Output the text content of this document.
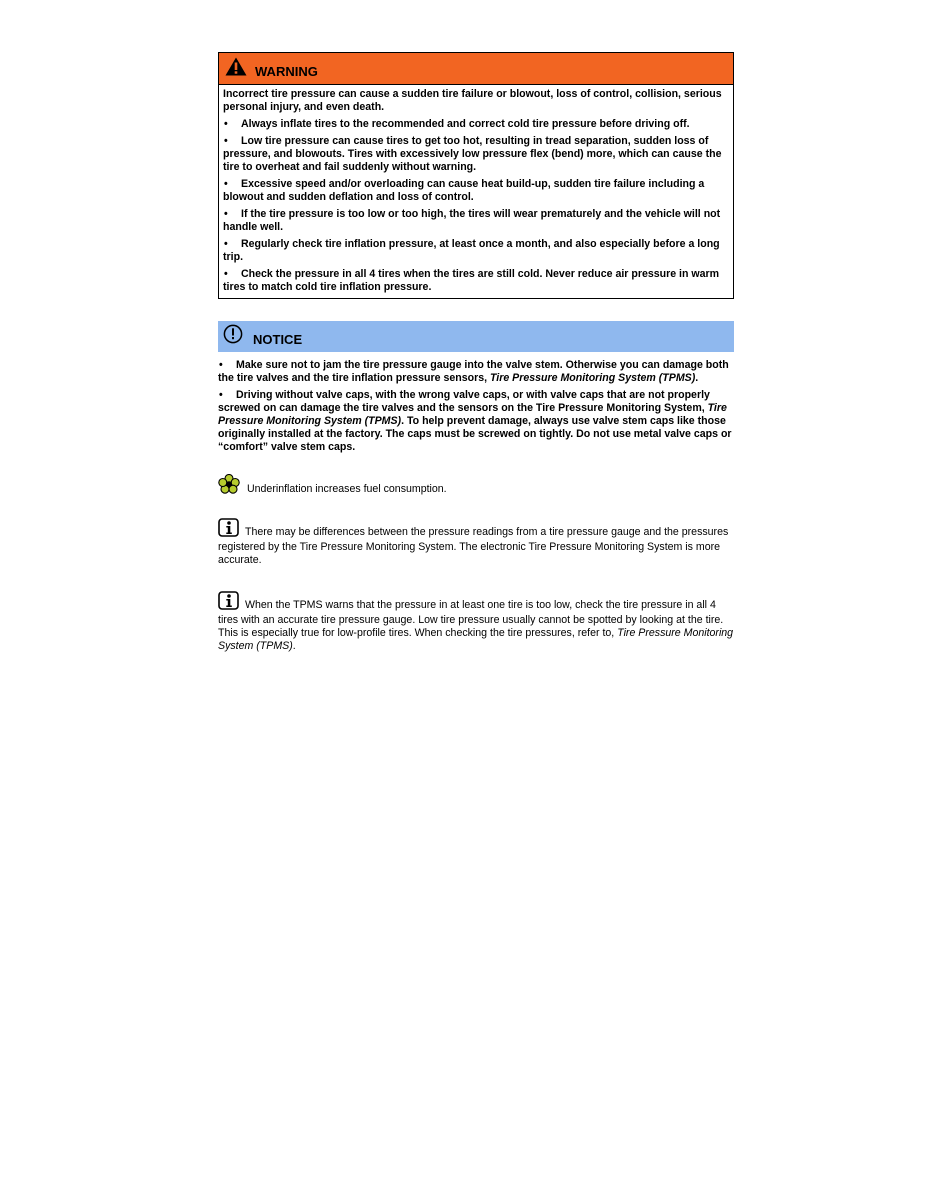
WARNING

Incorrect tire pressure can cause a sudden tire failure or blowout, loss of control, collision, serious personal injury, and even death.

• Always inflate tires to the recommended and correct cold tire pressure before driving off.

• Low tire pressure can cause tires to get too hot, resulting in tread separation, sudden loss of pressure, and blowouts. Tires with excessively low pressure flex (bend) more, which can cause the tire to overheat and fail suddenly without warning.

• Excessive speed and/or overloading can cause heat build-up, sudden tire failure including a blowout and sudden deflation and loss of control.

• If the tire pressure is too low or too high, the tires will wear prematurely and the vehicle will not handle well.

• Regularly check tire inflation pressure, at least once a month, and also especially before a long trip.

• Check the pressure in all 4 tires when the tires are still cold. Never reduce air pressure in warm tires to match cold tire inflation pressure.

NOTICE

• Make sure not to jam the tire pressure gauge into the valve stem. Otherwise you can damage both the tire valves and the tire inflation pressure sensors, Tire Pressure Monitoring System (TPMS).

• Driving without valve caps, with the wrong valve caps, or with valve caps that are not properly screwed on can damage the tire valves and the sensors on the Tire Pressure Monitoring System, Tire Pressure Monitoring System (TPMS). To help prevent damage, always use valve stem caps like those originally installed at the factory. The caps must be screwed on tightly. Do not use metal valve caps or “comfort” valve stem caps.

Underinflation increases fuel consumption.
There may be differences between the pressure readings from a tire pressure gauge and the pressures registered by the Tire Pressure Monitoring System. The electronic Tire Pressure Monitoring System is more accurate.
When the TPMS warns that the pressure in at least one tire is too low, check the tire pressure in all 4 tires with an accurate tire pressure gauge. Low tire pressure usually cannot be spotted by looking at the tire. This is especially true for low-profile tires. When checking the tire pressures, refer to, Tire Pressure Monitoring System (TPMS).
